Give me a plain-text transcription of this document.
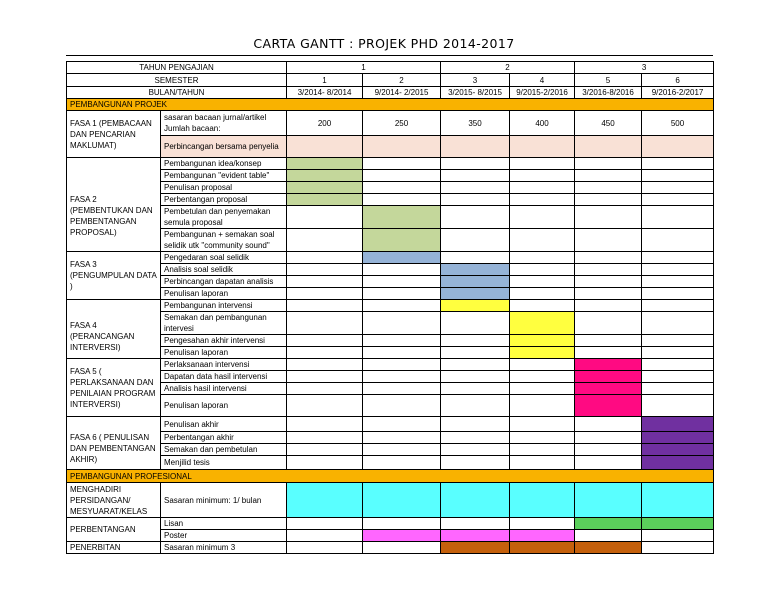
CARTA GANTT : PROJEK PHD 2014-2017
TAHUN PENGAJIAN		1		2		3	
SEMESTER		1	2	3	4	5	6
BULAN/TAHUN		3/2014- 8/2014	9/2014- 2/2015	3/2015- 8/2015	9/2015-2/2016	3/2016-8/2016	9/2016-2/2017
PEMBANGUNAN PROJEK							
FASA 1 (PEMBACAAN DAN PENCARIAN MAKLUMAT)	sasaran bacaan jurnal/artikel
Jumlah bacaan:	200	250	350	400	450	500
	Perbincangan bersama penyelia						
FASA 2 (PEMBENTUKAN DAN PEMBENTANGAN PROPOSAL)	Pembangunan idea/konsep						
	Pembangunan "evident table"						
	Penulisan proposal						
	Perbentangan proposal						
	Pembetulan dan penyemakan semula proposal						
	Pembangunan + semakan soal selidik utk "community sound"						
FASA 3 (PENGUMPULAN DATA )	Pengedaran soal selidik						
	Analisis soal selidik						
	Perbincangan dapatan analisis						
	Penulisan laporan						
FASA 4 (PERANCANGAN INTERVERSI)	Pembangunan intervensi						
	Semakan dan pembangunan intervesi						
	Pengesahan akhir intervensi						
	Penulisan laporan						
FASA 5 ( PERLAKSANAAN DAN PENILAIAN PROGRAM INTERVERSI)	Perlaksanaan intervensi						
	Dapatan data hasil intervensi						
	Analisis hasil intervensi						
	Penulisan laporan						
FASA 6 ( PENULISAN DAN PEMBENTANGAN AKHIR)	Penulisan akhir						
	Perbentangan akhir						
	Semakan dan pembetulan						
	Menjilid tesis						
PEMBANGUNAN PROFESIONAL							
MENGHADIRI PERSIDANGAN/ MESYUARAT/KELAS	Sasaran minimum: 1/ bulan						
PERBENTANGAN	Lisan						
	Poster						
PENERBITAN	Sasaran minimum 3						
